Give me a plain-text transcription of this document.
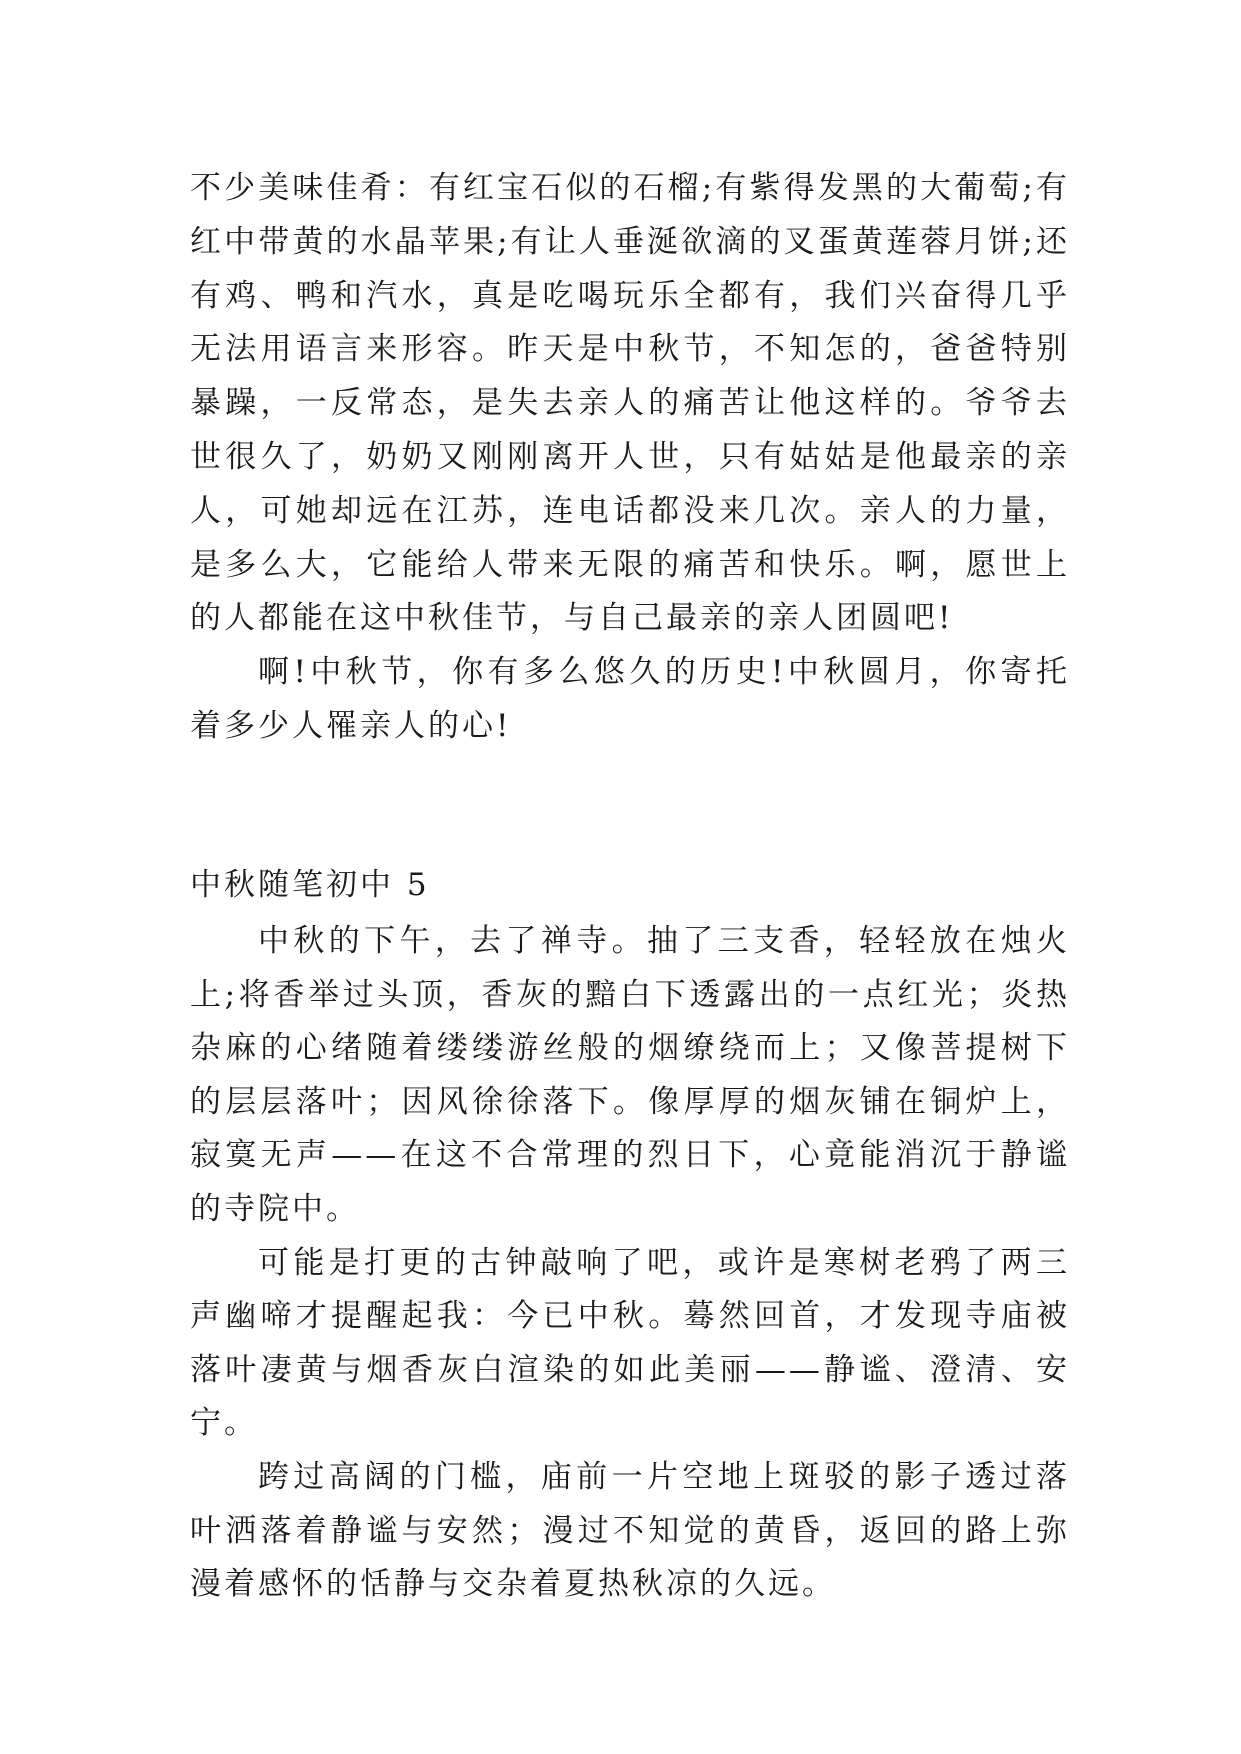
不少美味佳肴：有红宝石似的石榴;有紫得发黑的大葡萄;有红中带黄的水晶苹果;有让人垂涎欲滴的叉蛋黄莲蓉月饼;还有鸡、鸭和汽水，真是吃喝玩乐全都有，我们兴奋得几乎无法用语言来形容。昨天是中秋节，不知怎的，爸爸特别暴躁，一反常态，是失去亲人的痛苦让他这样的。爷爷去世很久了，奶奶又刚刚离开人世，只有姑姑是他最亲的亲人，可她却远在江苏，连电话都没来几次。亲人的力量，是多么大，它能给人带来无限的痛苦和快乐。啊，愿世上的人都能在这中秋佳节，与自己最亲的亲人团圆吧!

啊!中秋节，你有多么悠久的历史!中秋圆月，你寄托着多少人罹亲人的心!

中秋随笔初中 5

中秋的下午，去了禅寺。抽了三支香，轻轻放在烛火上;将香举过头顶，香灰的黯白下透露出的一点红光；炎热杂麻的心绪随着缕缕游丝般的烟缭绕而上；又像菩提树下的层层落叶；因风徐徐落下。像厚厚的烟灰铺在铜炉上，寂寞无声——在这不合常理的烈日下，心竟能消沉于静谧的寺院中。

可能是打更的古钟敲响了吧，或许是寒树老鸦了两三声幽啼才提醒起我：今已中秋。蓦然回首，才发现寺庙被落叶凄黄与烟香灰白渲染的如此美丽——静谧、澄清、安宁。

跨过高阔的门槛，庙前一片空地上斑驳的影子透过落叶洒落着静谧与安然；漫过不知觉的黄昏，返回的路上弥漫着感怀的恬静与交杂着夏热秋凉的久远。
